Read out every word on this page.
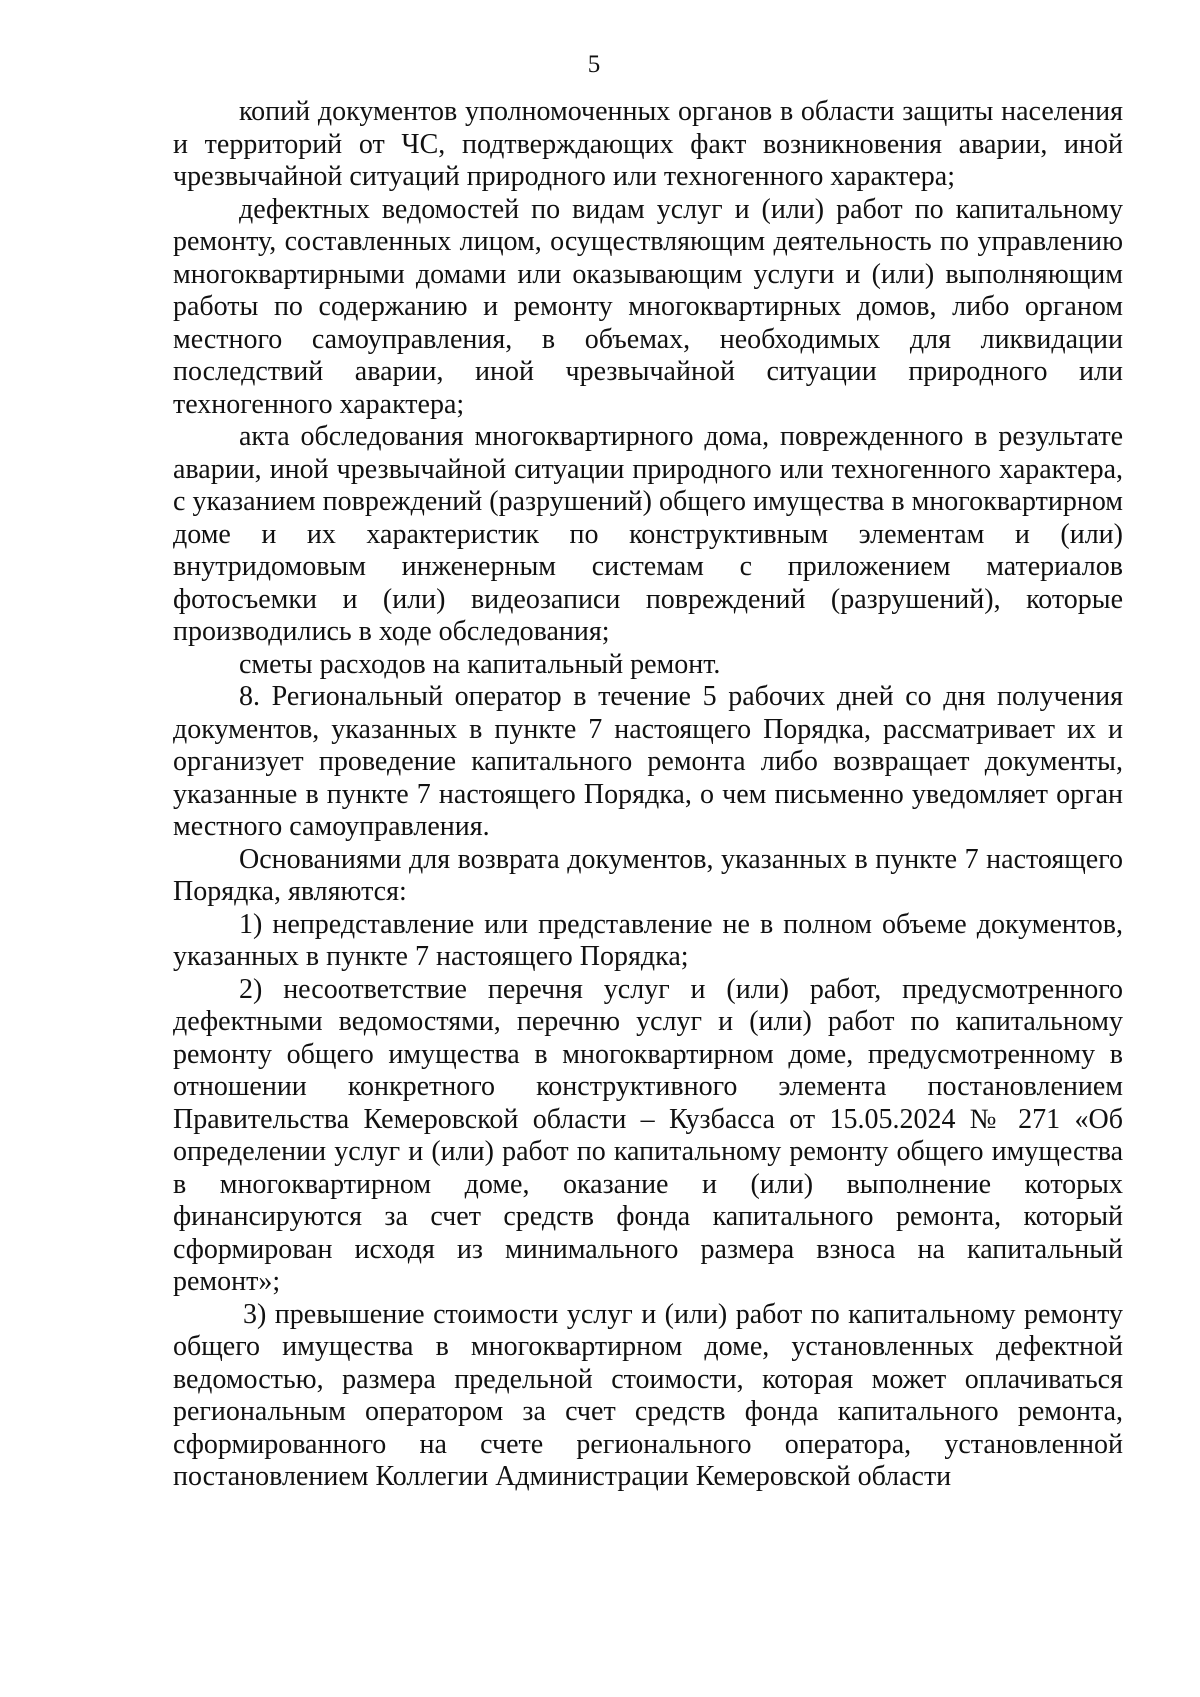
5

копий документов уполномоченных органов в области защиты населения и территорий от ЧС, подтверждающих факт возникновения аварии, иной чрезвычайной ситуаций природного или техногенного характера;

дефектных ведомостей по видам услуг и (или) работ по капитальному ремонту, составленных лицом, осуществляющим деятельность по управлению многоквартирными домами или оказывающим услуги и (или) выполняющим работы по содержанию и ремонту многоквартирных домов, либо органом местного самоуправления, в объемах, необходимых для ликвидации последствий аварии, иной чрезвычайной ситуации природного или техногенного характера;

акта обследования многоквартирного дома, поврежденного в результате аварии, иной чрезвычайной ситуации природного или техногенного характера, с указанием повреждений (разрушений) общего имущества в многоквартирном доме и их характеристик по конструктивным элементам и (или) внутридомовым инженерным системам с приложением материалов фотосъемки и (или) видеозаписи повреждений (разрушений), которые производились в ходе обследования;

сметы расходов на капитальный ремонт.

8. Региональный оператор в течение 5 рабочих дней со дня получения документов, указанных в пункте 7 настоящего Порядка, рассматривает их и организует проведение капитального ремонта либо возвращает документы, указанные в пункте 7 настоящего Порядка, о чем письменно уведомляет орган местного самоуправления.

Основаниями для возврата документов, указанных в пункте 7 настоящего Порядка, являются:

1) непредставление или представление не в полном объеме документов, указанных в пункте 7 настоящего Порядка;

2) несоответствие перечня услуг и (или) работ, предусмотренного дефектными ведомостями, перечню услуг и (или) работ по капитальному ремонту общего имущества в многоквартирном доме, предусмотренному в отношении конкретного конструктивного элемента постановлением Правительства Кемеровской области – Кузбасса от 15.05.2024 № 271 «Об определении услуг и (или) работ по капитальному ремонту общего имущества в многоквартирном доме, оказание и (или) выполнение которых финансируются за счет средств фонда капитального ремонта, который сформирован исходя из минимального размера взноса на капитальный ремонт»;

3) превышение стоимости услуг и (или) работ по капитальному ремонту общего имущества в многоквартирном доме, установленных дефектной ведомостью, размера предельной стоимости, которая может оплачиваться региональным оператором за счет средств фонда капитального ремонта, сформированного на счете регионального оператора, установленной постановлением Коллегии Администрации Кемеровской области
